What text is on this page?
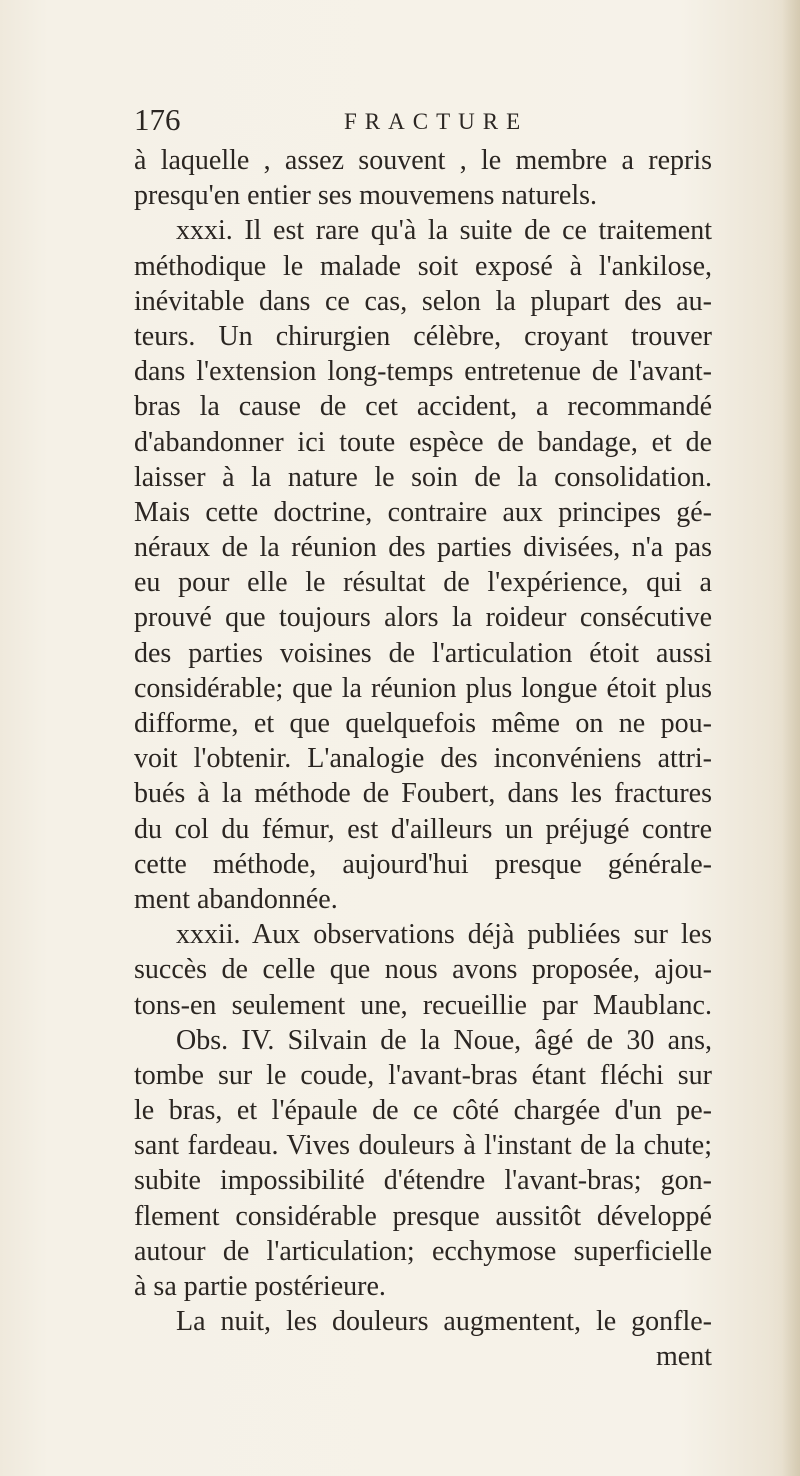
176	FRACTURE
à laquelle , assez souvent , le membre a repris
presqu'en entier ses mouvemens naturels.
xxxi. Il est rare qu'à la suite de ce traitement
méthodique le malade soit exposé à l'ankilose,
inévitable dans ce cas, selon la plupart des au-
teurs. Un chirurgien célèbre, croyant trouver
dans l'extension long-temps entretenue de l'avant-
bras la cause de cet accident, a recommandé
d'abandonner ici toute espèce de bandage, et de
laisser à la nature le soin de la consolidation.
Mais cette doctrine, contraire aux principes gé-
néraux de la réunion des parties divisées, n'a pas
eu pour elle le résultat de l'expérience, qui a
prouvé que toujours alors la roideur consécutive
des parties voisines de l'articulation étoit aussi
considérable; que la réunion plus longue étoit plus
difforme, et que quelquefois même on ne pou-
voit l'obtenir. L'analogie des inconvéniens attri-
bués à la méthode de Foubert, dans les fractures
du col du fémur, est d'ailleurs un préjugé contre
cette méthode, aujourd'hui presque générale-
ment abandonnée.
xxxii. Aux observations déjà publiées sur les
succès de celle que nous avons proposée, ajou-
tons-en seulement une, recueillie par Maublanc.
Obs. IV. Silvain de la Noue, âgé de 30 ans,
tombe sur le coude, l'avant-bras étant fléchi sur
le bras, et l'épaule de ce côté chargée d'un pe-
sant fardeau. Vives douleurs à l'instant de la chute;
subite impossibilité d'étendre l'avant-bras; gon-
flement considérable presque aussitôt développé
autour de l'articulation; ecchymose superficielle
à sa partie postérieure.
La nuit, les douleurs augmentent, le gonfle-
ment
